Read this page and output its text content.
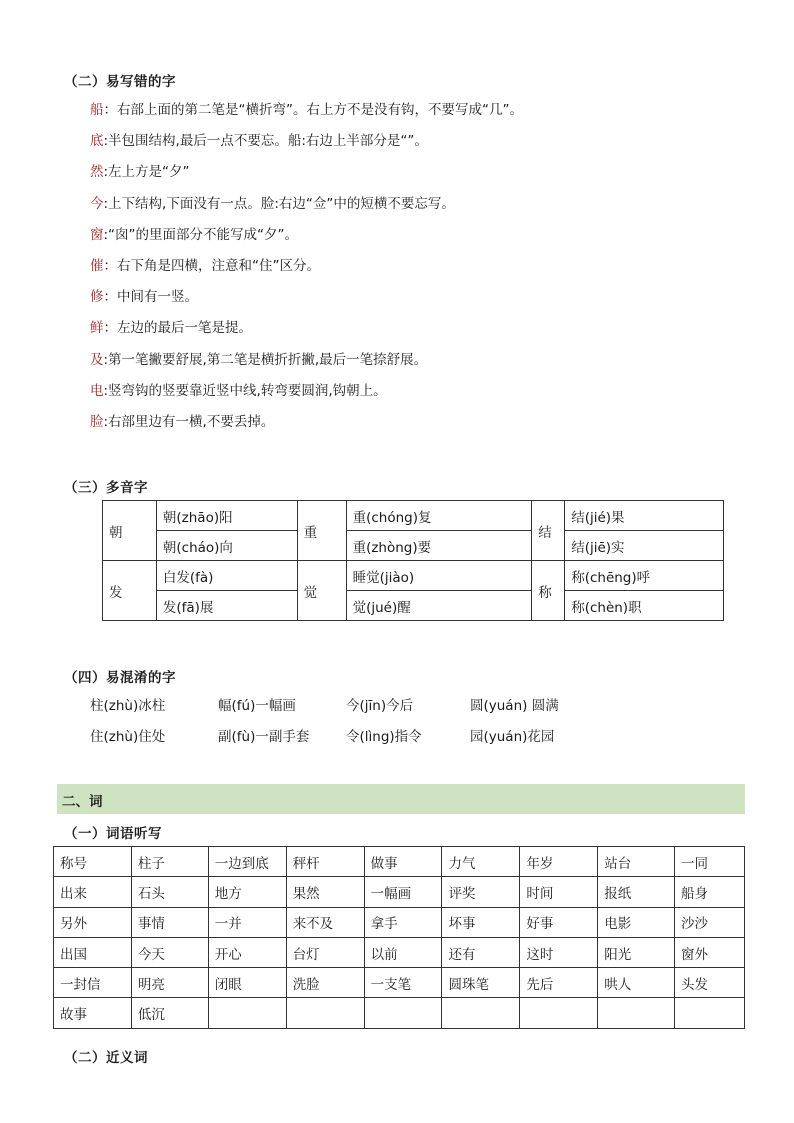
（二）易写错的字
船：右部上面的第二笔是“横折弯”。右上方不是没有钩，不要写成“几”。
底:半包围结构,最后一点不要忘。船:右边上半部分是“”。
然:左上方是“夕”
今:上下结构,下面没有一点。脸:右边“佥”中的短横不要忘写。
窗:“囱”的里面部分不能写成“夕”。
催：右下角是四横，注意和“住”区分。
修：中间有一竖。
鲜：左边的最后一笔是提。
及:第一笔撇要舒展,第二笔是横折折撇,最后一笔捺舒展。
电:竖弯钩的竖要靠近竖中线,转弯要圆润,钩朝上。
脸:右部里边有一横,不要丢掉。
（三）多音字
朝	朝(zhāo)阳	重	重(chóng)复	结	结(jié)果
	朝(cháo)向		重(zhòng)要		结(jiē)实
发	白发(fà)	觉	睡觉(jiào)	称	称(chēng)呼
	发(fā)展		觉(jué)醒		称(chèn)职
（四）易混淆的字
柱(zhù)冰柱	幅(fú)一幅画	今(jīn)今后	圆(yuán) 圆满
住(zhù)住处	副(fù)一副手套	令(lìng)指令	园(yuán)花园
二、词
（一）词语听写
称号	柱子	一边到底	秤杆	做事	力气	年岁	站台	一同
出来	石头	地方	果然	一幅画	评奖	时间	报纸	船身
另外	事情	一并	来不及	拿手	坏事	好事	电影	沙沙
出国	今天	开心	台灯	以前	还有	这时	阳光	窗外
一封信	明亮	闭眼	洗脸	一支笔	圆珠笔	先后	哄人	头发
故事	低沉							
（二）近义词
